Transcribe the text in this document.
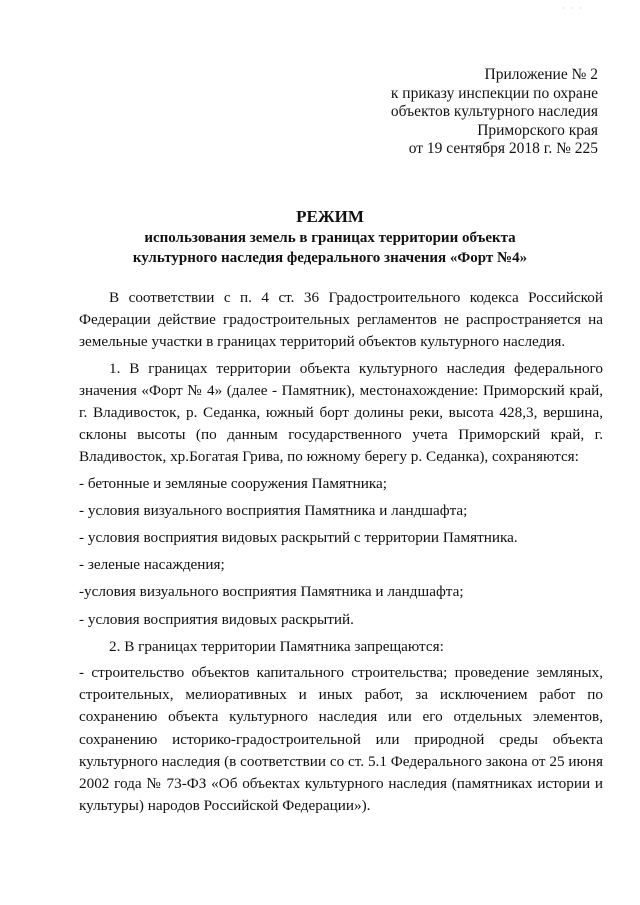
· · ·
Приложение № 2
к приказу инспекции по охране
объектов культурного наследия
Приморского края
от 19 сентября 2018 г. № 225
РЕЖИМ
использования земель в границах территории объекта
культурного наследия федерального значения «Форт №4»

В соответствии с п. 4 ст. 36 Градостроительного кодекса Российской Федерации действие градостроительных регламентов не распространяется на земельные участки в границах территорий объектов культурного наследия.

1. В границах территории объекта культурного наследия федерального значения «Форт № 4» (далее - Памятник), местонахождение: Приморский край, г. Владивосток, р. Седанка, южный борт долины реки, высота 428,3, вершина, склоны высоты (по данным государственного учета Приморский край, г. Владивосток, хр.Богатая Грива, по южному берегу р. Седанка), сохраняются:

- бетонные и земляные сооружения Памятника;
- условия визуального восприятия Памятника и ландшафта;
- условия восприятия видовых раскрытий с территории Памятника.
- зеленые насаждения;
-условия визуального восприятия Памятника и ландшафта;
- условия восприятия видовых раскрытий.

2. В границах территории Памятника запрещаются:

- строительство объектов капитального строительства; проведение земляных, строительных, мелиоративных и иных работ, за исключением работ по сохранению объекта культурного наследия или его отдельных элементов, сохранению историко-градостроительной или природной среды объекта культурного наследия (в соответствии со ст. 5.1 Федерального закона от 25 июня 2002 года № 73-ФЗ «Об объектах культурного наследия (памятниках истории и культуры) народов Российской Федерации»).
